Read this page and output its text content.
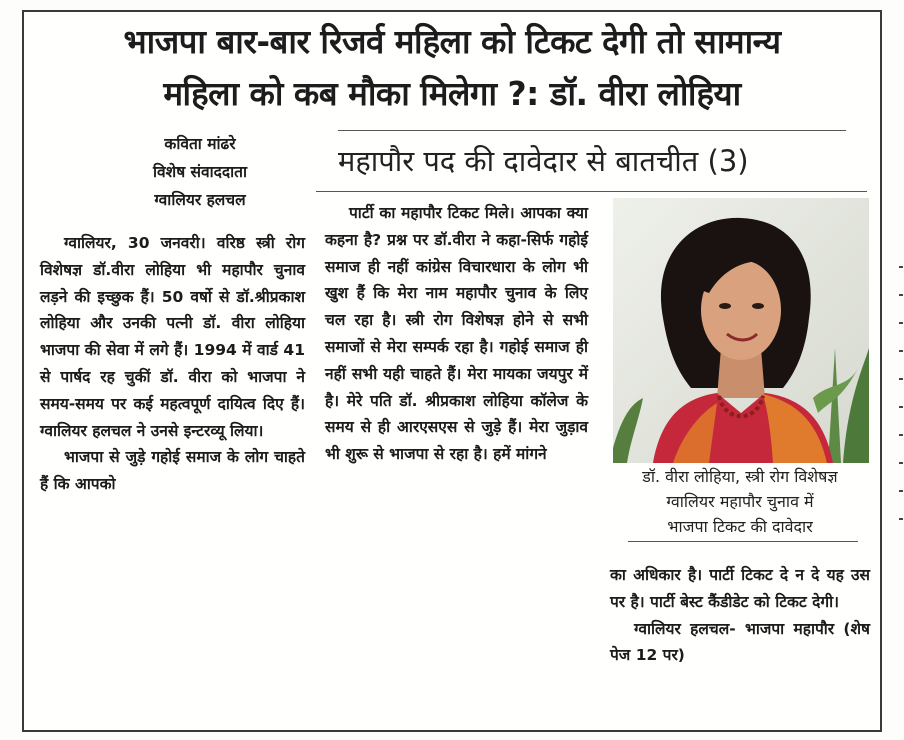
भाजपा बार-बार रिजर्व महिला को टिकट देगी तो सामान्य
महिला को कब मौका मिलेगा ?: डॉ. वीरा लोहिया
महापौर पद की दावेदार से बातचीत (3)
कविता मांढरे
विशेष संवाददाता
ग्वालियर हलचल

ग्वालियर, 30 जनवरी। वरिष्ठ स्त्री रोग विशेषज्ञ डॉ.वीरा लोहिया भी महापौर चुनाव लड़ने की इच्छुक हैं। 50 वर्षो से डॉ.श्रीप्रकाश लोहिया और उनकी पत्नी डॉ. वीरा लोहिया भाजपा की सेवा में लगे हैं। 1994 में वार्ड 41 से पार्षद रह चुकीं डॉ. वीरा को भाजपा ने समय-समय पर कई महत्वपूर्ण दायित्व दिए हैं। ग्वालियर हलचल ने उनसे इन्टरव्यू लिया।

भाजपा से जुड़े गहोई समाज के लोग चाहते हैं कि आपको

पार्टी का महापौर टिकट मिले। आपका क्या कहना है? प्रश्न पर डॉ.वीरा ने कहा-सिर्फ गहोई समाज ही नहीं कांग्रेस विचारधारा के लोग भी खुश हैं कि मेरा नाम महापौर चुनाव के लिए चल रहा है। स्त्री रोग विशेषज्ञ होने से सभी समाजों से मेरा सम्पर्क रहा है। गहोई समाज ही नहीं सभी यही चाहते हैं। मेरा मायका जयपुर में है। मेरे पति डॉ. श्रीप्रकाश लोहिया कॉलेज के समय से ही आरएसएस से जुड़े हैं। मेरा जुड़ाव भी शुरू से भाजपा से रहा है। हमें मांगने

डॉ. वीरा लोहिया, स्त्री रोग विशेषज्ञ
ग्वालियर महापौर चुनाव में
भाजपा टिकट की दावेदार

का अधिकार है। पार्टी टिकट दे न दे यह उस पर है। पार्टी बेस्ट कैंडीडेट को टिकट देगी।

ग्वालियर हलचल- भाजपा महापौर (शेष पेज 12 पर)
